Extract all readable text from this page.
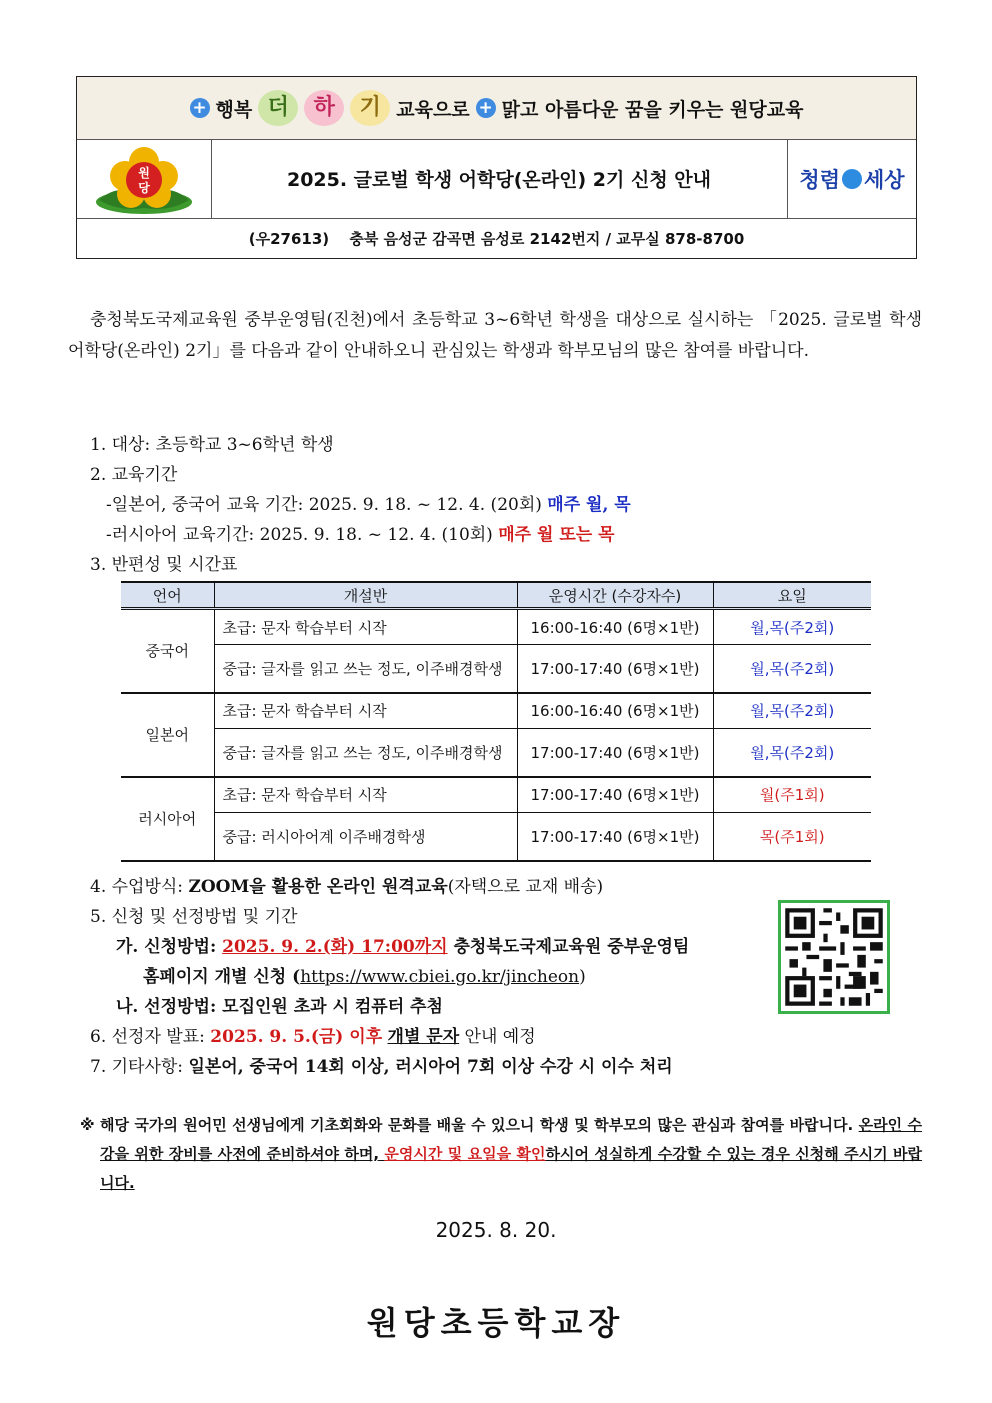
+ 행복 더	하	기 교육으로 + 맑고 아름다운 꿈을 키우는 원당교육
원
당	2025. 글로벌 학생 어학당(온라인) 2기 신청 안내	청렴 세상
(우27613)　 충북 음성군 감곡면 음성로 2142번지 / 교무실 878-8700
충청북도국제교육원 중부운영팀(진천)에서 초등학교 3~6학년 학생을 대상으로 실시하는 「2025. 글로벌 학생 어학당(온라인) 2기」를 다음과 같이 안내하오니 관심있는 학생과 학부모님의 많은 참여를 바랍니다.
1. 대상: 초등학교 3~6학년 학생
2. 교육기간
-일본어, 중국어 교육 기간: 2025. 9. 18. ~ 12. 4. (20회) 매주 월, 목
-러시아어 교육기간: 2025. 9. 18. ~ 12. 4. (10회) 매주 월 또는 목
3. 반편성 및 시간표
언어	개설반	운영시간 (수강자수)	요일
중국어	초급: 문자 학습부터 시작	16:00-16:40 (6명×1반)	월,목(주2회)
	중급: 글자를 읽고 쓰는 정도, 이주배경학생	17:00-17:40 (6명×1반)	월,목(주2회)
일본어	초급: 문자 학습부터 시작	16:00-16:40 (6명×1반)	월,목(주2회)
	중급: 글자를 읽고 쓰는 정도, 이주배경학생	17:00-17:40 (6명×1반)	월,목(주2회)
러시아어	초급: 문자 학습부터 시작	17:00-17:40 (6명×1반)	월(주1회)
	중급: 러시아어계 이주배경학생	17:00-17:40 (6명×1반)	목(주1회)
4. 수업방식: ZOOM을 활용한 온라인 원격교육(자택으로 교재 배송)
5. 신청 및 선정방법 및 기간
가. 신청방법: 2025. 9. 2.(화) 17:00까지 충청북도국제교육원 중부운영팀
홈페이지 개별 신청 (https://www.cbiei.go.kr/jincheon)
나. 선정방법: 모집인원 초과 시 컴퓨터 추첨
6. 선정자 발표: 2025. 9. 5.(금) 이후 개별 문자 안내 예정
7. 기타사항: 일본어, 중국어 14회 이상, 러시아어 7회 이상 수강 시 이수 처리
※ 해당 국가의 원어민 선생님에게 기초회화와 문화를 배울 수 있으니 학생 및 학부모의 많은 관심과 참여를 바랍니다. 온라인 수강을 위한 장비를 사전에 준비하셔야 하며, 운영시간 및 요일을 확인하시어 성실하게 수강할 수 있는 경우 신청해 주시기 바랍니다.
2025. 8. 20.
원당초등학교장
